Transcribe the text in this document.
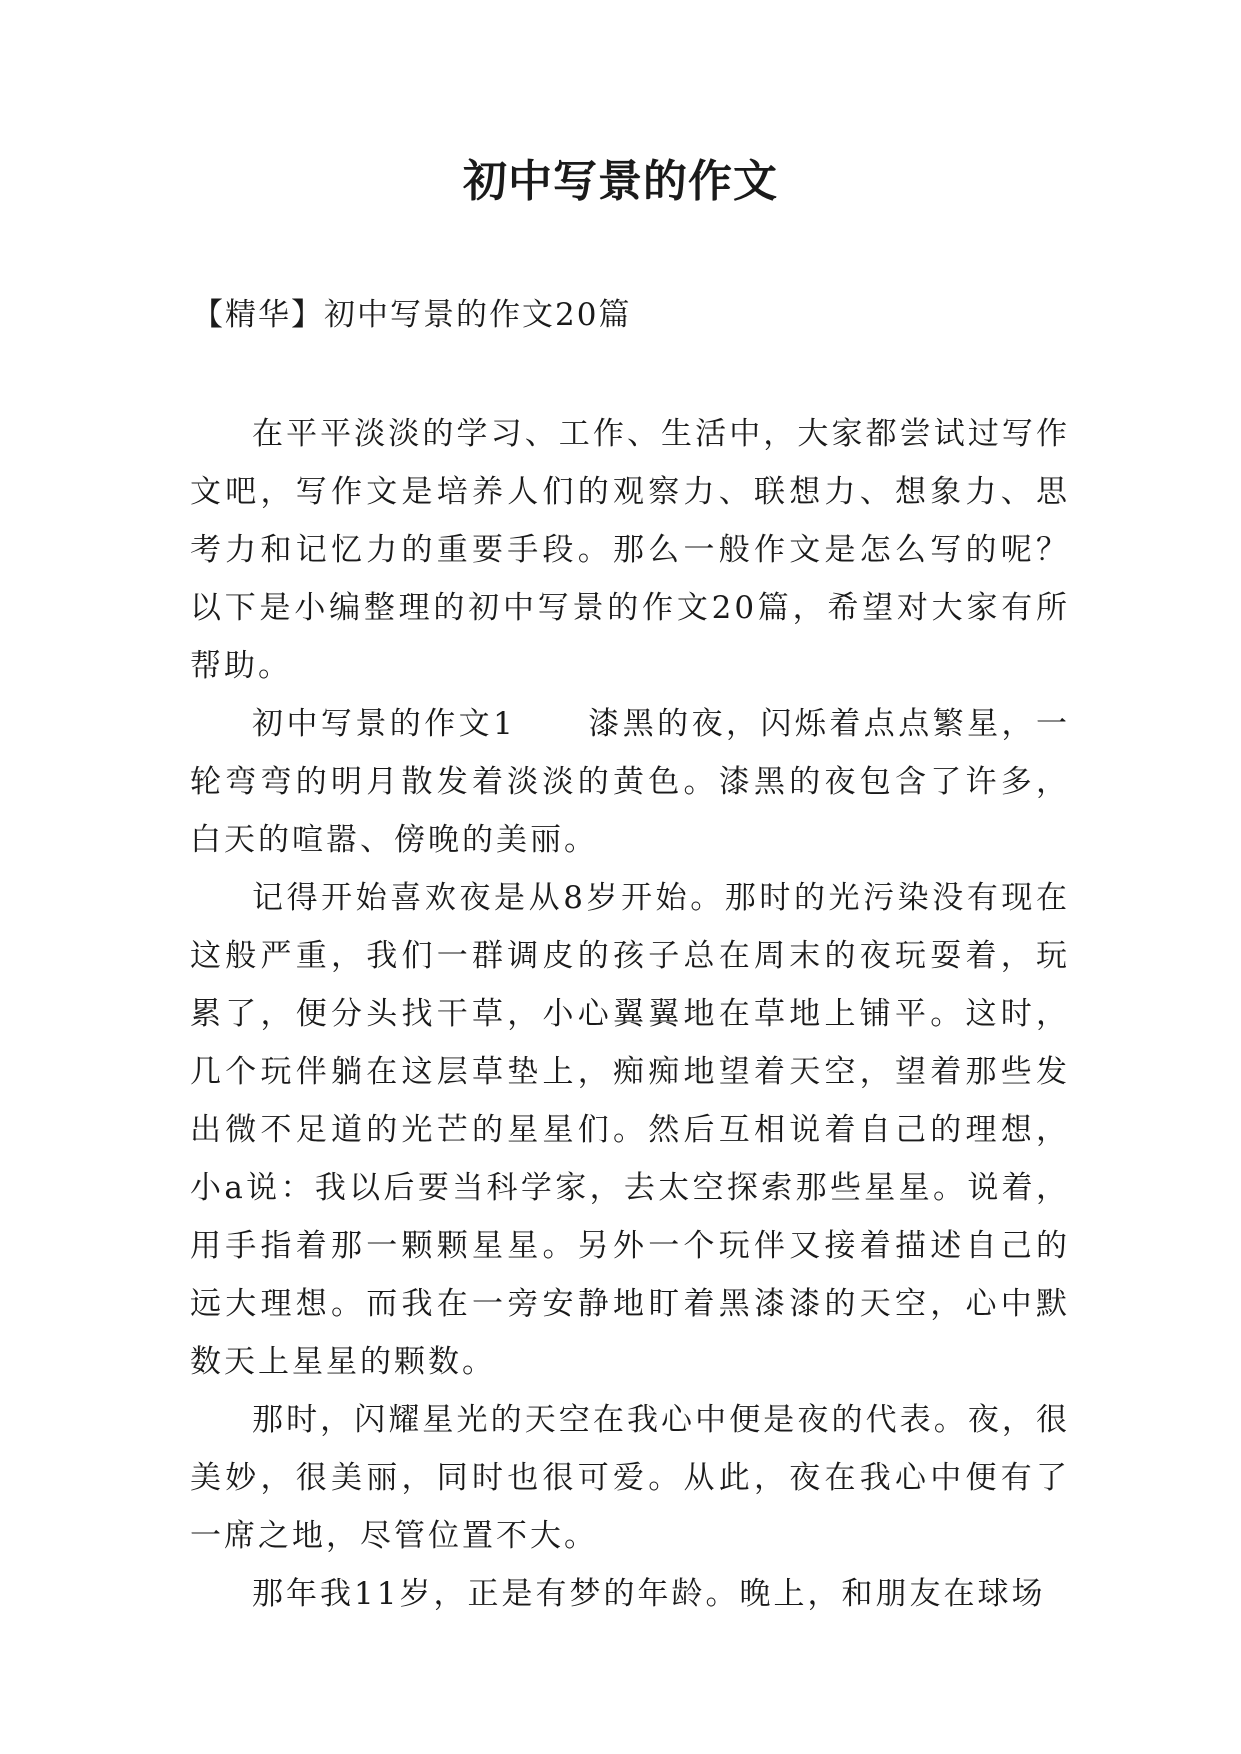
初中写景的作文

【精华】初中写景的作文20篇

在平平淡淡的学习、工作、生活中，大家都尝试过写作文吧，写作文是培养人们的观察力、联想力、想象力、思考力和记忆力的重要手段。那么一般作文是怎么写的呢？以下是小编整理的初中写景的作文20篇，希望对大家有所帮助。

初中写景的作文1 漆黑的夜，闪烁着点点繁星，一轮弯弯的明月散发着淡淡的黄色。漆黑的夜包含了许多，白天的喧嚣、傍晚的美丽。

记得开始喜欢夜是从8岁开始。那时的光污染没有现在这般严重，我们一群调皮的孩子总在周末的夜玩耍着，玩累了，便分头找干草，小心翼翼地在草地上铺平。这时，几个玩伴躺在这层草垫上，痴痴地望着天空，望着那些发出微不足道的光芒的星星们。然后互相说着自己的理想，小a说：我以后要当科学家，去太空探索那些星星。说着，用手指着那一颗颗星星。另外一个玩伴又接着描述自己的远大理想。而我在一旁安静地盯着黑漆漆的天空，心中默数天上星星的颗数。

那时，闪耀星光的天空在我心中便是夜的代表。夜，很美妙，很美丽，同时也很可爱。从此，夜在我心中便有了一席之地，尽管位置不大。

那年我11岁，正是有梦的年龄。晚上，和朋友在球场
